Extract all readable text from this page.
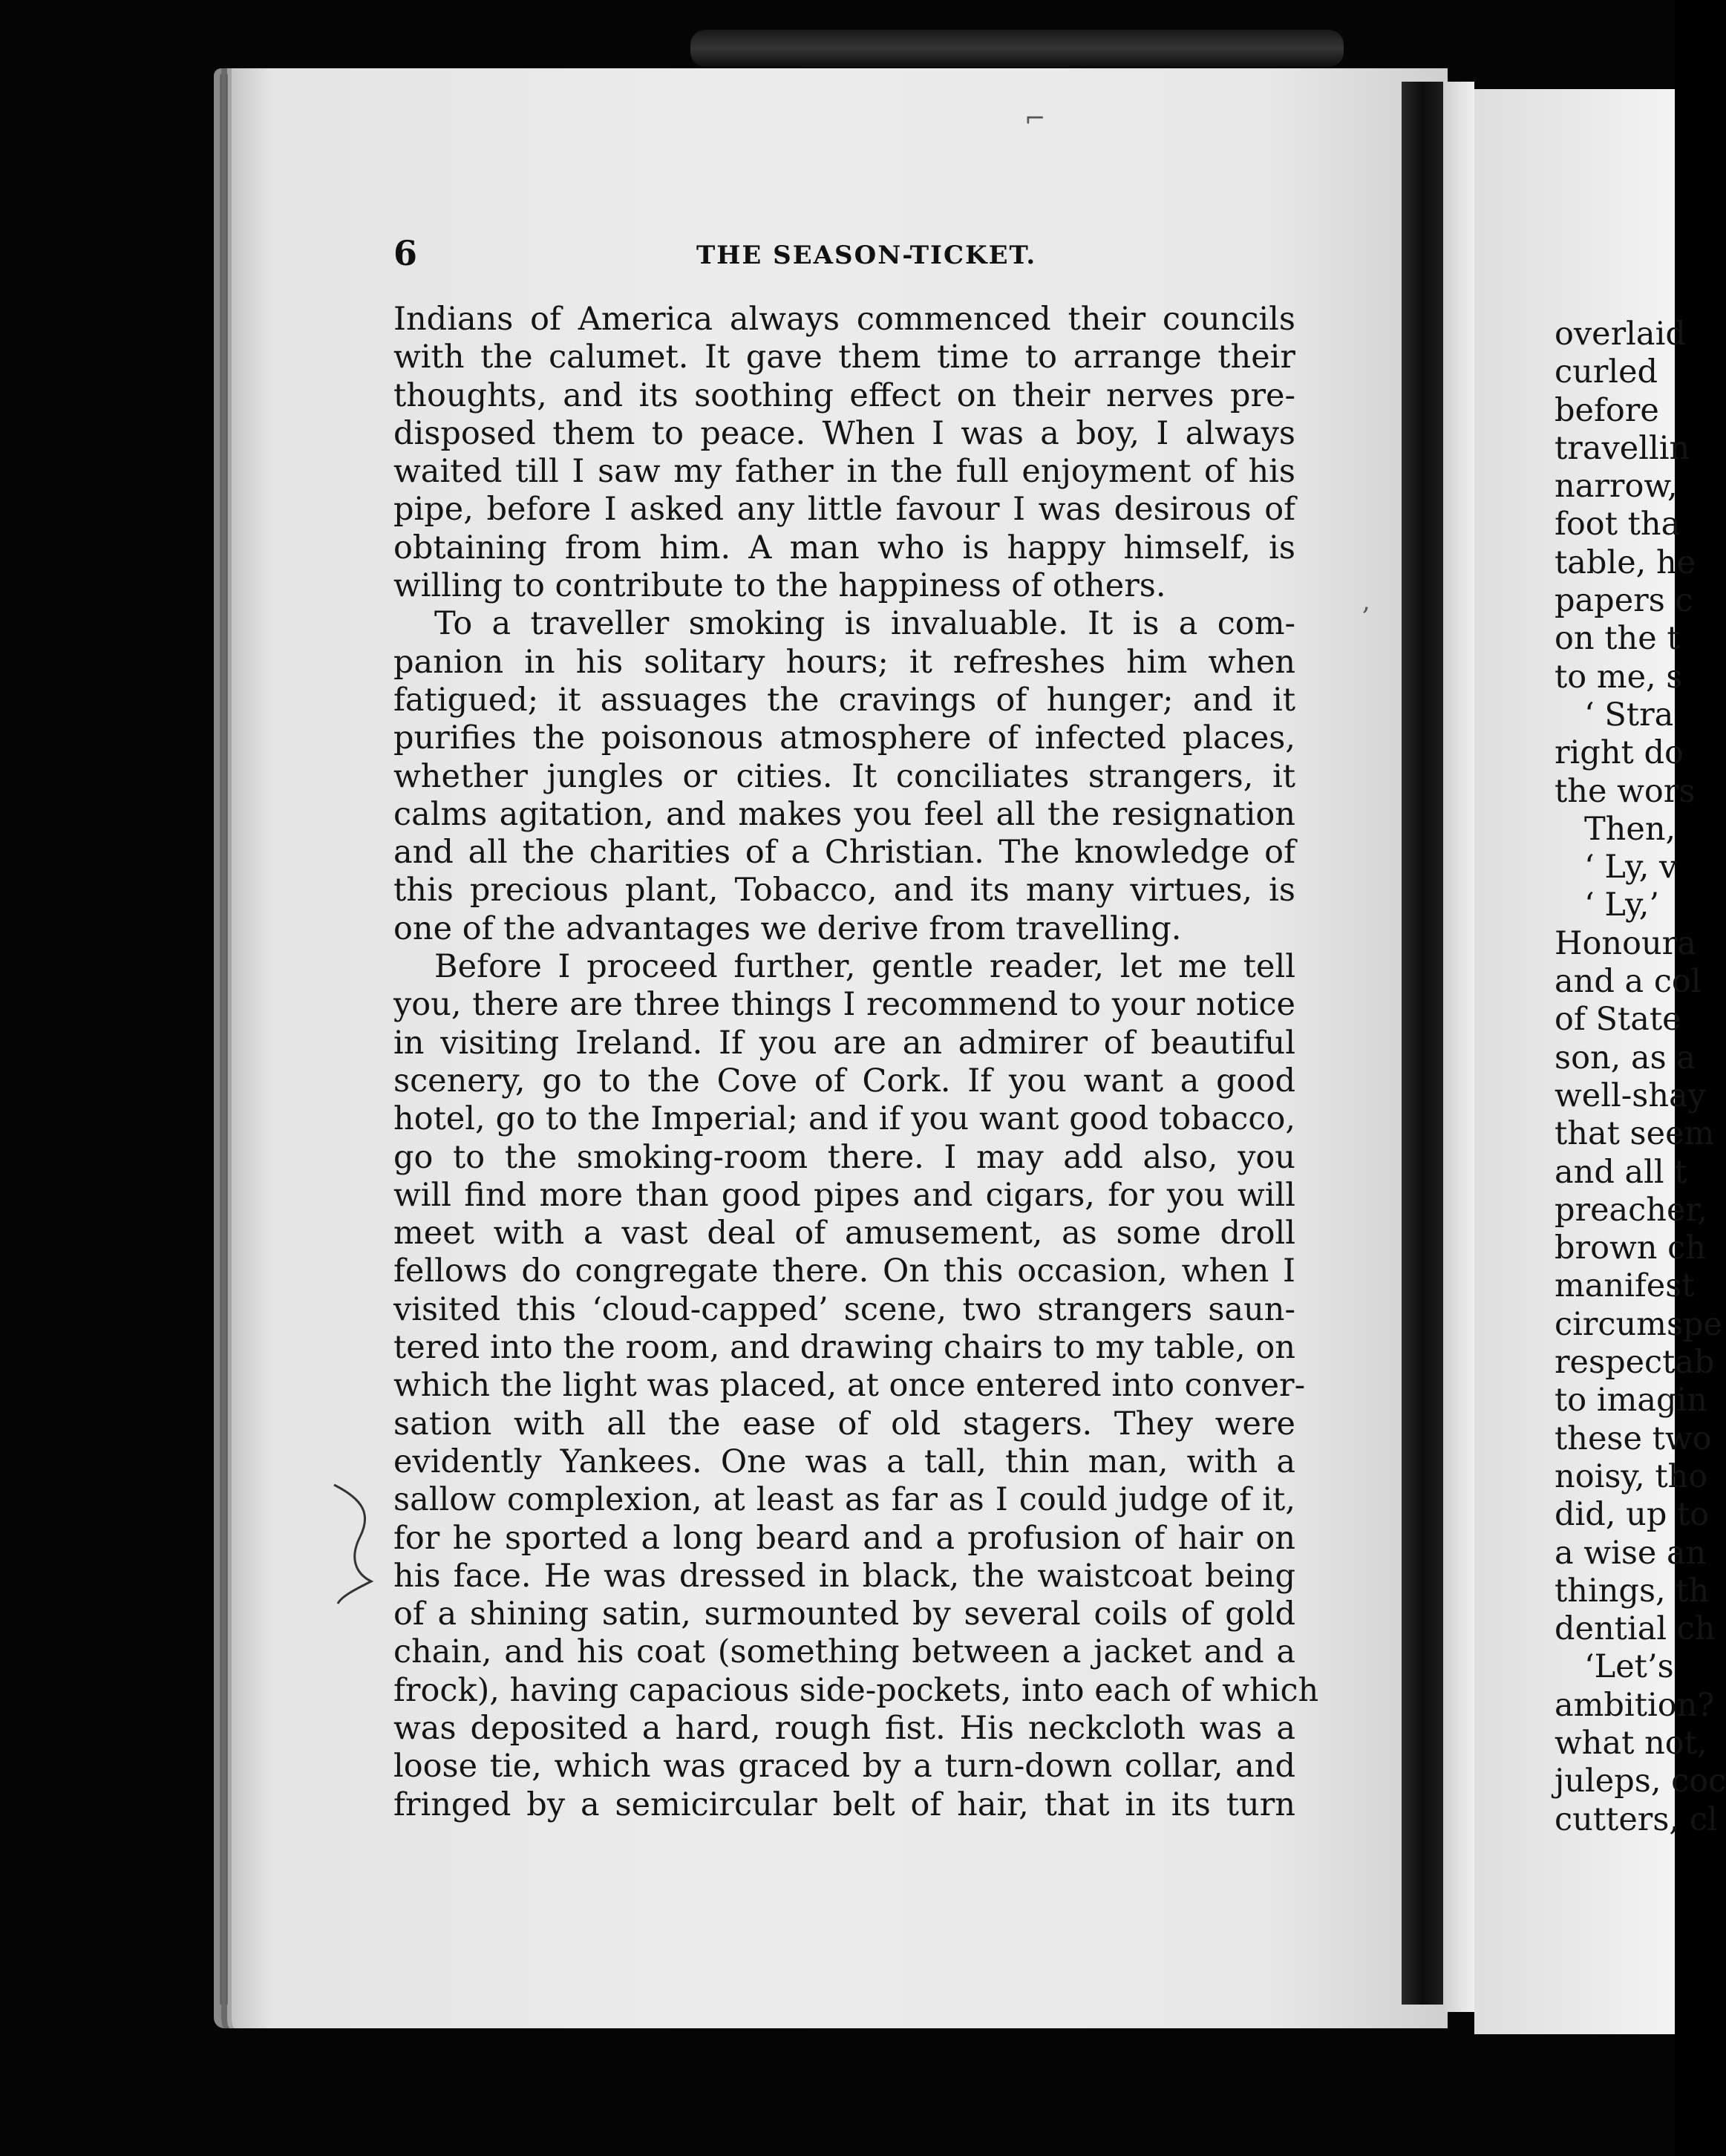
6	THE SEASON-TICKET.
Indians of America always commenced their councils
with the calumet. It gave them time to arrange their
thoughts, and its soothing effect on their nerves pre-
disposed them to peace. When I was a boy, I always
waited till I saw my father in the full enjoyment of his
pipe, before I asked any little favour I was desirous of
obtaining from him. A man who is happy himself, is
willing to contribute to the happiness of others.
To a traveller smoking is invaluable. It is a com-
panion in his solitary hours; it refreshes him when
fatigued; it assuages the cravings of hunger; and it
purifies the poisonous atmosphere of infected places,
whether jungles or cities. It conciliates strangers, it
calms agitation, and makes you feel all the resignation
and all the charities of a Christian. The knowledge of
this precious plant, Tobacco, and its many virtues, is
one of the advantages we derive from travelling.
Before I proceed further, gentle reader, let me tell
you, there are three things I recommend to your notice
in visiting Ireland. If you are an admirer of beautiful
scenery, go to the Cove of Cork. If you want a good
hotel, go to the Imperial; and if you want good tobacco,
go to the smoking-room there. I may add also, you
will find more than good pipes and cigars, for you will
meet with a vast deal of amusement, as some droll
fellows do congregate there. On this occasion, when I
visited this ‘cloud-capped’ scene, two strangers saun-
tered into the room, and drawing chairs to my table, on
which the light was placed, at once entered into conver-
sation with all the ease of old stagers. They were
evidently Yankees. One was a tall, thin man, with a
sallow complexion, at least as far as I could judge of it,
for he sported a long beard and a profusion of hair on
his face. He was dressed in black, the waistcoat being
of a shining satin, surmounted by several coils of gold
chain, and his coat (something between a jacket and a
frock), having capacious side-pockets, into each of which
was deposited a hard, rough fist. His neckcloth was a
loose tie, which was graced by a turn-down collar, and
fringed by a semicircular belt of hair, that in its turn
overlaid
curled
before
travellin
narrow,
foot tha
table, he
papers c
on the t
to me, s
‘ Stra
right do
the wors
Then,
‘ Ly, v
‘ Ly,’
Honoura
and a col
of State
son, as a
well-shay
that seem
and all t
preacher,
brown ch
manifest
circumspe
respectab
to imagin
these two
noisy, tho
did, up to
a wise an
things, th
dential ch
‘Let’s
ambition?
what not,
juleps, coc
cutters, cl
⌐
,
